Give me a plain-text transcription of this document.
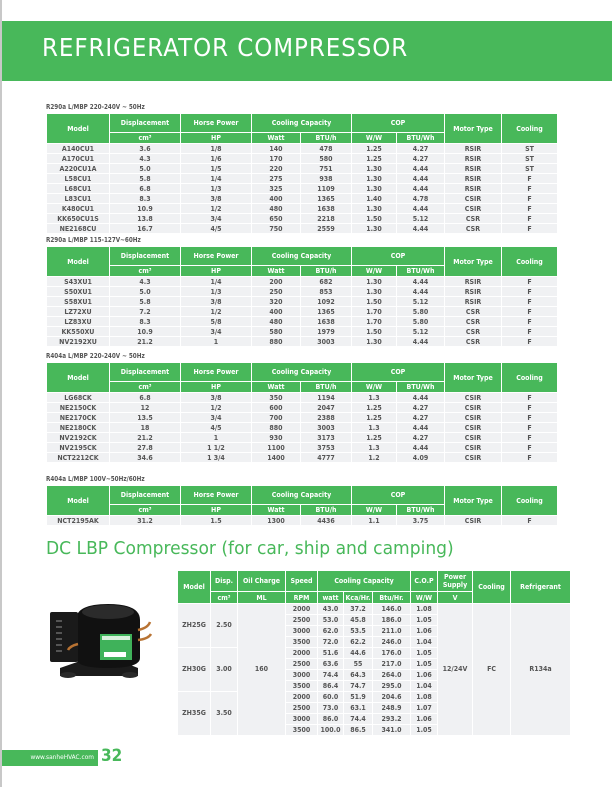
REFRIGERATOR COMPRESSOR
R290a L/MBP 220-240V ~ 50Hz
Model	Displacement	Horse Power	Cooling Capacity		COP		Motor Type	Cooling
	cm³	HP	Watt	BTU/h	W/W	BTU/Wh		
A140CU1	3.6	1/8	140	478	1.25	4.27	RSIR	ST
A170CU1	4.3	1/6	170	580	1.25	4.27	RSIR	ST
A220CU1A	5.0	1/5	220	751	1.30	4.44	RSIR	ST
L58CU1	5.8	1/4	275	938	1.30	4.44	RSIR	F
L68CU1	6.8	1/3	325	1109	1.30	4.44	RSIR	F
L83CU1	8.3	3/8	400	1365	1.40	4.78	CSIR	F
K480CU1	10.9	1/2	480	1638	1.30	4.44	CSIR	F
KK650CU1S	13.8	3/4	650	2218	1.50	5.12	CSR	F
NE2168CU	16.7	4/5	750	2559	1.30	4.44	CSR	F
R290a L/MBP 115-127V~60Hz
Model	Displacement	Horse Power	Cooling Capacity		COP		Motor Type	Cooling
	cm³	HP	Watt	BTU/h	W/W	BTU/Wh		
S43XU1	4.3	1/4	200	682	1.30	4.44	RSIR	F
S50XU1	5.0	1/3	250	853	1.30	4.44	RSIR	F
S58XU1	5.8	3/8	320	1092	1.50	5.12	RSIR	F
LZ72XU	7.2	1/2	400	1365	1.70	5.80	CSR	F
LZ83XU	8.3	5/8	480	1638	1.70	5.80	CSR	F
KK550XU	10.9	3/4	580	1979	1.50	5.12	CSR	F
NV2192XU	21.2	1	880	3003	1.30	4.44	CSR	F
R404a L/MBP 220-240V ~ 50Hz
Model	Displacement	Horse Power	Cooling Capacity		COP		Motor Type	Cooling
	cm³	HP	Watt	BTU/h	W/W	BTU/Wh		
LG68CK	6.8	3/8	350	1194	1.3	4.44	CSIR	F
NE2150CK	12	1/2	600	2047	1.25	4.27	CSIR	F
NE2170CK	13.5	3/4	700	2388	1.25	4.27	CSIR	F
NE2180CK	18	4/5	880	3003	1.3	4.44	CSIR	F
NV2192CK	21.2	1	930	3173	1.25	4.27	CSIR	F
NV2195CK	27.8	1 1/2	1100	3753	1.3	4.44	CSIR	F
NCT2212CK	34.6	1 3/4	1400	4777	1.2	4.09	CSIR	F
R404a L/MBP 100V~50Hz/60Hz
Model	Displacement	Horse Power	Cooling Capacity		COP		Motor Type	Cooling
	cm³	HP	Watt	BTU/h	W/W	BTU/Wh		
NCT2195AK	31.2	1.5	1300	4436	1.1	3.75	CSIR	F
DC LBP Compressor (for car, ship and camping)
Model	Disp.	Oil Charge	Speed	Cooling Capacity			C.O.P	Power Supply	Cooling	Refrigerant
	cm³	ML	RPM	watt	Kca/Hr.	Btu/Hr.	W/W	V		
ZH25G	2.50	160	2000	43.0	37.2	146.0	1.08	12/24V	FC	R134a
			2500	53.0	45.8	186.0	1.05			
			3000	62.0	53.5	211.0	1.06			
			3500	72.0	62.2	246.0	1.04			
ZH30G	3.00		2000	51.6	44.6	176.0	1.05			
			2500	63.6	55	217.0	1.05			
			3000	74.4	64.3	264.0	1.06			
			3500	86.4	74.7	295.0	1.04			
ZH35G	3.50		2000	60.0	51.9	204.6	1.08			
			2500	73.0	63.1	248.9	1.07			
			3000	86.0	74.4	293.2	1.06			
			3500	100.0	86.5	341.0	1.05			
www.sanheHVAC.com 32
